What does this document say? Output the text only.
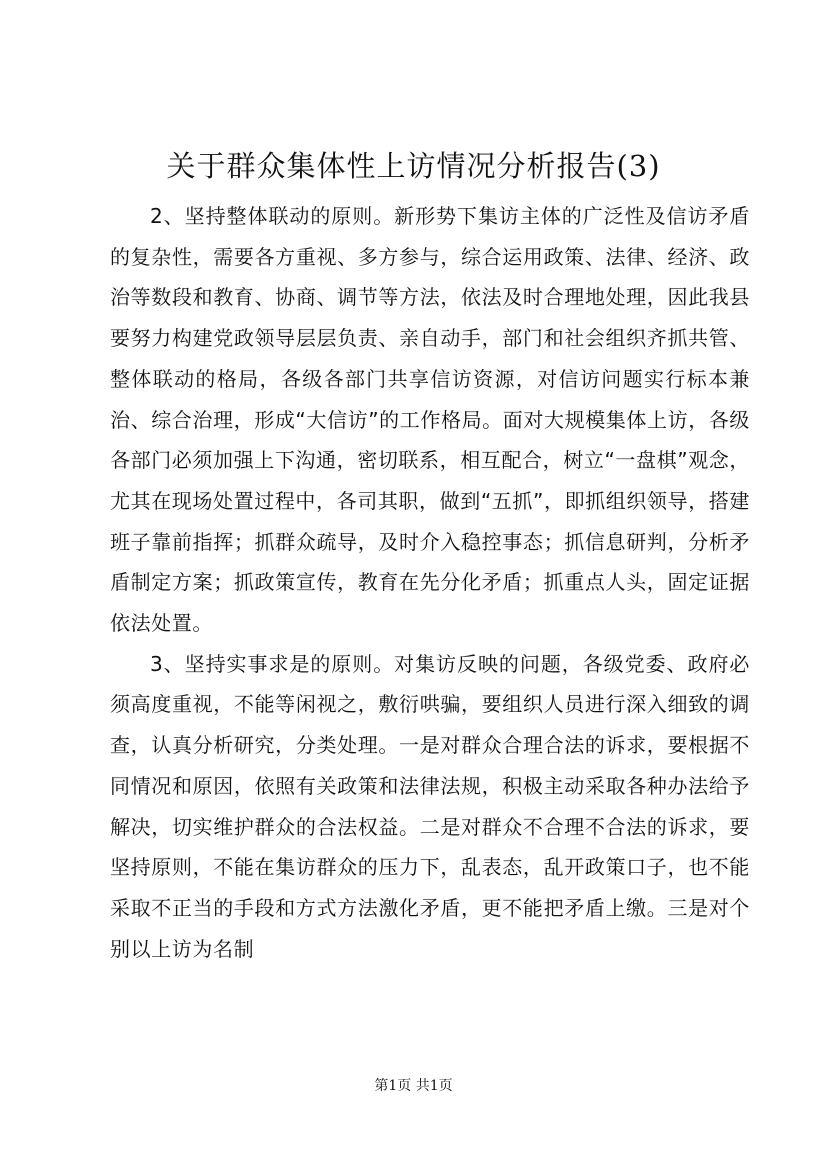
关于群众集体性上访情况分析报告(3)

2、坚持整体联动的原则。新形势下集访主体的广泛性及信访矛盾的复杂性，需要各方重视、多方参与，综合运用政策、法律、经济、政治等数段和教育、协商、调节等方法，依法及时合理地处理，因此我县要努力构建党政领导层层负责、亲自动手，部门和社会组织齐抓共管、整体联动的格局，各级各部门共享信访资源，对信访问题实行标本兼治、综合治理，形成“大信访”的工作格局。面对大规模集体上访，各级各部门必须加强上下沟通，密切联系，相互配合，树立“一盘棋”观念，尤其在现场处置过程中，各司其职，做到“五抓”，即抓组织领导，搭建班子靠前指挥；抓群众疏导，及时介入稳控事态；抓信息研判，分析矛盾制定方案；抓政策宣传，教育在先分化矛盾；抓重点人头，固定证据依法处置。

3、坚持实事求是的原则。对集访反映的问题，各级党委、政府必须高度重视，不能等闲视之，敷衍哄骗，要组织人员进行深入细致的调查，认真分析研究，分类处理。一是对群众合理合法的诉求，要根据不同情况和原因，依照有关政策和法律法规，积极主动采取各种办法给予解决，切实维护群众的合法权益。二是对群众不合理不合法的诉求，要坚持原则，不能在集访群众的压力下，乱表态，乱开政策口子，也不能采取不正当的手段和方式方法激化矛盾，更不能把矛盾上缴。三是对个别以上访为名制

第1页 共1页
